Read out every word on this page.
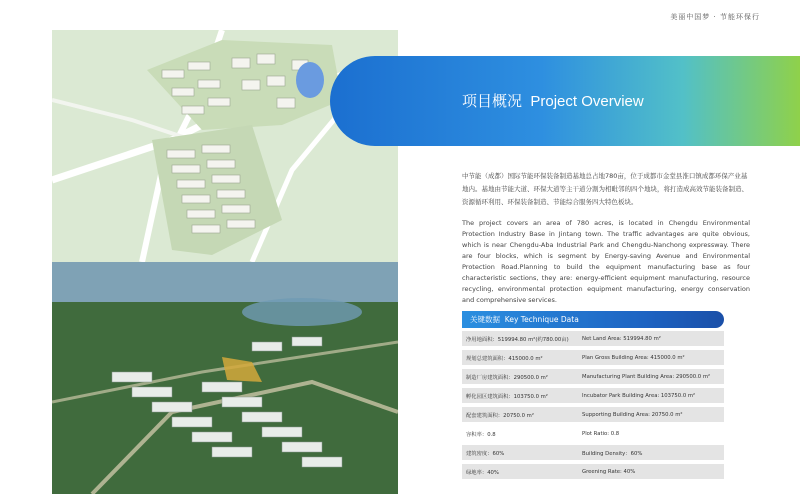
美丽中国梦 · 节能环保行
项目概况 Project Overview

中节能（成都）国际节能环保装备制造基地总占地780亩，位于成都市金堂县淮口镇成都环保产业基地内。基地由节能大道、环保大道等主干道分割为相毗邻的四个地块，将打造成高效节能装备制造、资源循环利用、环保装备制造、节能综合服务四大特色板块。

The project covers an area of 780 acres, is located in Chengdu Environmental Protection Industry Base in Jintang town. The traffic advantages are quite obvious, which is near Chengdu-Aba Industrial Park and Chengdu-Nanchong expressway. There are four blocks, which is segment by Energy-saving Avenue and Environmental Protection Road.Planning to build the equipment manufacturing base as four characteristic sections, they are: energy-efficient equipment manufacturing, resource recycling, environmental protection equipment manufacturing, energy conservation and comprehensive services.

关键数据 Key Technique Data
净用地面积：519994.80 m²(约780.00亩)	Net Land Area: 519994.80 m²
规划总建筑面积：415000.0 m²	Plan Gross Building Area: 415000.0 m²
制造厂房建筑面积：290500.0 m²	Manufacturing Plant Building Area: 290500.0 m²
孵化园区建筑面积：103750.0 m²	Incubator Park Building Area: 103750.0 m²
配套建筑面积：20750.0 m²	Supporting Building Area: 20750.0 m²
容积率：0.8	Plot Ratio: 0.8
建筑密度：60%	Building Density：60%
绿地率：40%	Greening Rate: 40%
